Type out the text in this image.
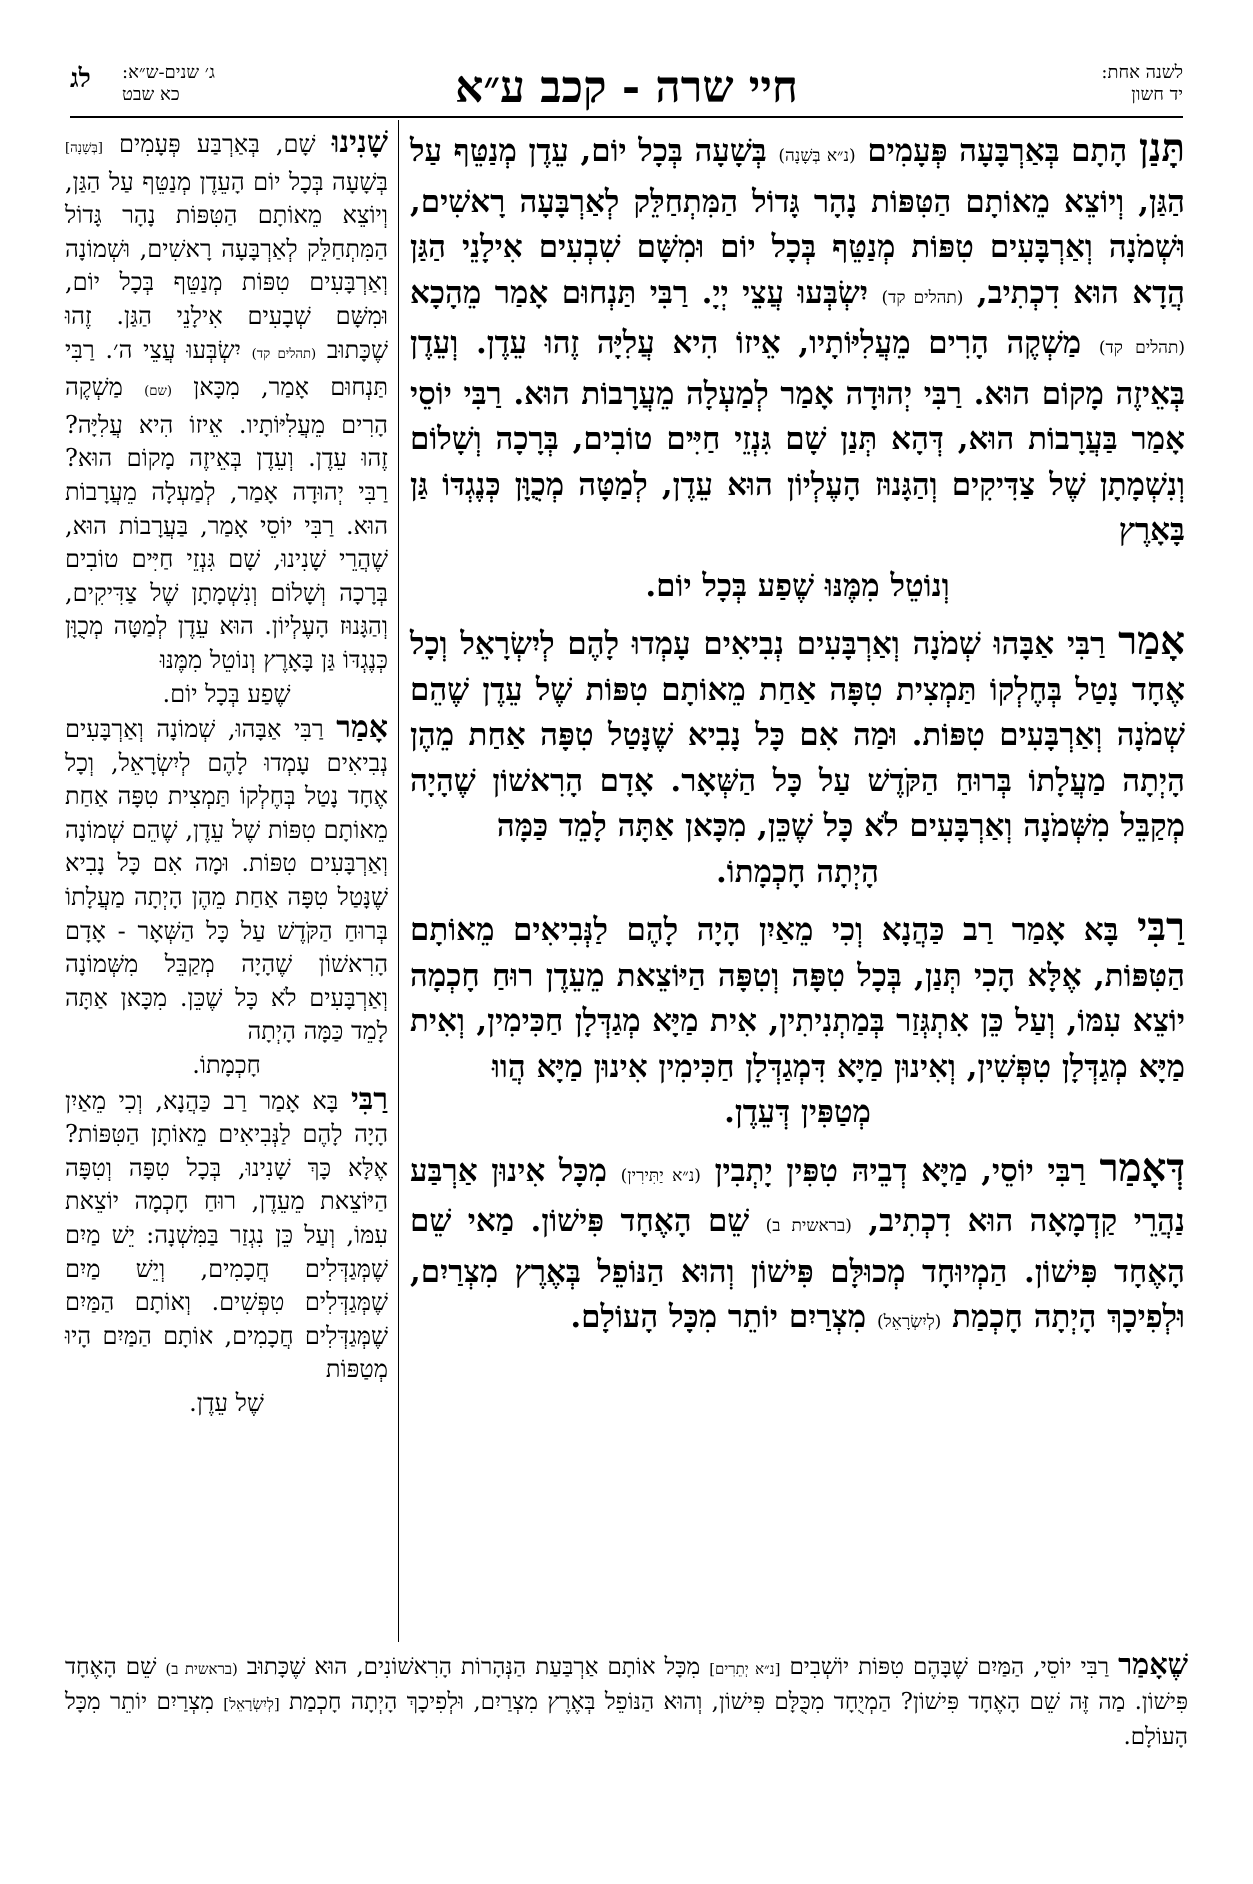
לשנה אחת:
יד חשון
חיי שרה - קכב ע״א
ג׳ שנים-ש״א:
כא שבט
לג

תָּנַן הָתָם בְּאַרְבָּעָה פְּעָמִים (נ״א בְּשָׁנָה) בְּשָׁעָה בְּכָל יוֹם, עֵדֶן מְנַטֵּף עַל הַגַּן, וְיוֹצֵא מֵאוֹתָם הַטִּפּוֹת נָהָר גָּדוֹל הַמִּתְחַלֵּק לְאַרְבָּעָה רָאשִׁים, וּשְׁמֹנָה וְאַרְבָּעִים טִפּוֹת מְנַטֵּף בְּכָל יוֹם וּמִשָּׁם שִׁבְעִים אִילָנֵי הַגַּן הֲדָא הוּא דִכְתִיב, (תהלים קד) יִשְׂבְּעוּ עֲצֵי יְיָ. רַבִּי תַּנְחוּם אָמַר מֵהָכָא (תהלים קד) מַשְׁקֶה הָרִים מֵעֲלִיּוֹתָיו, אֵיזוֹ הִיא עֲלִיָּה זֶהוּ עֵדֶן. וְעֵדֶן בְּאֵיזֶה מָקוֹם הוּא. רַבִּי יְהוּדָה אָמַר לְמַעְלָה מֵעֲרָבוֹת הוּא. רַבִּי יוֹסֵי אָמַר בַּעֲרָבוֹת הוּא, דְּהָא תְּנַן שָׁם גִּנְזֵי חַיִּים טוֹבִים, בְּרָכָה וְשָׁלוֹם וְנִשְׁמָתָן שֶׁל צַדִּיקִים וְהַגָּנוּז הָעֶלְיוֹן הוּא עֵדֶן, לְמַטָּה מְכֻוָּן כְּנֶגְדּוֹ גַּן בָּאָרֶץ

וְנוֹטֵל מִמֶּנּוּ שֶׁפַע בְּכָל יוֹם.

אָמַר רַבִּי אַבָּהוּ שְׁמֹנָה וְאַרְבָּעִים נְבִיאִים עָמְדוּ לָהֶם לְיִשְׂרָאֵל וְכָל אֶחָד נָטַל בְּחֶלְקוֹ תַּמְצִית טִפָּה אַחַת מֵאוֹתָם טִפּוֹת שֶׁל עֵדֶן שֶׁהֵם שְׁמֹנָה וְאַרְבָּעִים טִפּוֹת. וּמַה אִם כָּל נָבִיא שֶׁנָּטַל טִפָּה אַחַת מֵהֶן הָיְתָה מַעֲלָתוֹ בְּרוּחַ הַקֹּדֶשׁ עַל כָּל הַשְּׁאָר. אָדָם הָרִאשׁוֹן שֶׁהָיָה מְקַבֵּל מִשְּׁמֹנָה וְאַרְבָּעִים לֹא כָּל שֶׁכֵּן, מִכָּאן אַתָּה לָמֵד כַּמָּה

הָיְתָה חָכְמָתוֹ.

רַבִּי בָּא אָמַר רַב כַּהֲנָא וְכִי מֵאַיִן הָיָה לָהֶם לַנְּבִיאִים מֵאוֹתָם הַטִּפּוֹת, אֶלָּא הָכִי תְּנַן, בְּכָל טִפָּה וְטִפָּה הַיּוֹצֵאת מֵעֵדֶן רוּחַ חָכְמָה יוֹצֵא עִמּוֹ, וְעַל כֵּן אִתְגְּזַר בְּמַתְנִיתִין, אִית מַיָּא מְגַדְּלָן חַכִּימִין, וְאִית מַיָּא מְגַדְּלָן טִפְּשִׁין, וְאִינוּן מַיָּא דִּמְגַדְּלָן חַכִּימִין אִינוּן מַיָּא הֲווּ

מְטַפִּין דְּעֵדֶן.

דְּאָמַר רַבִּי יוֹסֵי, מַיָּא דְבֵיהּ טִפִּין יָתְבִין (נ״א יַתִּירִין) מִכָּל אִינוּן אַרְבַּע נַהֲרֵי קַדְמָאָה הוּא דִכְתִיב, (בראשית ב) שֵׁם הָאֶחָד פִּישׁוֹן. מַאי שֵׁם הָאֶחָד פִּישׁוֹן. הַמְיוּחָד מְכוּלָּם פִּישׁוֹן וְהוּא הַנּוֹפֵל בְּאֶרֶץ מִצְרַיִם, וּלְפִיכָךְ הָיְתָה חָכְמַת (לְיִשְׂרָאֵל) מִצְרַיִם יוֹתֵר מִכָּל הָעוֹלָם.

שָׁנִינוּ שָׁם, בְּאַרְבַּע פְּעָמִים [בְּשָׁנָה] בְּשָׁעָה בְּכָל יוֹם הָעֵדֶן מְנַטֵּף עַל הַגַּן, וְיוֹצֵא מֵאוֹתָם הַטִּפּוֹת נָהָר גָּדוֹל הַמִּתְחַלֵּק לְאַרְבָּעָה רָאשִׁים, וּשְׁמוֹנָה וְאַרְבָּעִים טִפּוֹת מְנַטֵּף בְּכָל יוֹם, וּמִשָּׁם שְׁבָעִים אִילָנֵי הַגַּן. זֶהוּ שֶׁכָּתוּב (תהלים קד) יִשְׂבְּעוּ עֲצֵי ה׳. רַבִּי תַּנְחוּם אָמַר, מִכָּאן (שם) מַשְׁקֶה הָרִים מֵעֲלִיּוֹתָיו. אֵיזוֹ הִיא עֲלִיָּה? זֶהוּ עֵדֶן. וְעֵדֶן בְּאֵיזֶה מָקוֹם הוּא? רַבִּי יְהוּדָה אָמַר, לְמַעְלָה מֵעֲרָבוֹת הוּא. רַבִּי יוֹסֵי אָמַר, בַּעֲרָבוֹת הוּא, שֶׁהֲרֵי שָׁנִינוּ, שָׁם גִּנְזֵי חַיִּים טוֹבִים בְּרָכָה וְשָׁלוֹם וְנִשְׁמָתָן שֶׁל צַדִּיקִים, וְהַגָּנוּז הָעֶלְיוֹן. הוּא עֵדֶן לְמַטָּה מְכֻוָּן כְּנֶגְדּוֹ גַּן בָּאָרֶץ וְנוֹטֵל מִמֶּנּוּ

שֶׁפַע בְּכָל יוֹם.

אָמַר רַבִּי אַבָּהוּ, שְׁמוֹנָה וְאַרְבָּעִים נְבִיאִים עָמְדוּ לָהֶם לְיִשְׂרָאֵל, וְכָל אֶחָד נָטַל בְּחֶלְקוֹ תַּמְצִית טִפָּה אַחַת מֵאוֹתָם טִפּוֹת שֶׁל עֵדֶן, שֶׁהֵם שְׁמוֹנָה וְאַרְבָּעִים טִפּוֹת. וּמָה אִם כָּל נָבִיא שֶׁנָּטַל טִפָּה אַחַת מֵהֶן הָיְתָה מַעֲלָתוֹ בְּרוּחַ הַקֹּדֶשׁ עַל כָּל הַשְּׁאָר - אָדָם הָרִאשׁוֹן שֶׁהָיָה מְקַבֵּל מִשְּׁמוֹנָה וְאַרְבָּעִים לֹא כָּל שֶׁכֵּן. מִכָּאן אַתָּה לָמֵד כַּמָּה הָיְתָה

חָכְמָתוֹ.

רַבִּי בָּא אָמַר רַב כַּהֲנָא, וְכִי מֵאַיִן הָיָה לָהֶם לַנְּבִיאִים מֵאוֹתָן הַטִּפּוֹת? אֶלָּא כָּךְ שָׁנִינוּ, בְּכָל טִפָּה וְטִפָּה הַיּוֹצֵאת מֵעֵדֶן, רוּחַ חָכְמָה יוֹצֵאת עִמּוֹ, וְעַל כֵּן נִגְזַר בַּמִּשְׁנָה: יֵשׁ מַיִם שֶׁמְּגַדְּלִים חֲכָמִים, וְיֵשׁ מַיִם שֶׁמְּגַדְּלִים טִפְּשִׁים. וְאוֹתָם הַמַּיִם שֶׁמְּגַדְּלִים חֲכָמִים, אוֹתָם הַמַּיִם הָיוּ מְטַפּוֹת

שֶׁל עֵדֶן.

שֶׁאָמַר רַבִּי יוֹסֵי, הַמַּיִם שֶׁבָּהֶם טִפּוֹת יוֹשְׁבִים [נ״א יְתֵרִים] מִכָּל אוֹתָם אַרְבַּעַת הַנְּהָרוֹת הָרִאשׁוֹנִים, הוּא שֶׁכָּתוּב (בראשית ב) שֵׁם הָאֶחָד פִּישׁוֹן. מַה זֶּה שֵׁם הָאֶחָד פִּישׁוֹן? הַמְיֻחָד מִכֻּלָּם פִּישׁוֹן, וְהוּא הַנּוֹפֵל בְּאֶרֶץ מִצְרַיִם, וּלְפִיכָךְ הָיְתָה חָכְמַת [לְיִשְׂרָאֵל] מִצְרַיִם יוֹתֵר מִכָּל הָעוֹלָם.
